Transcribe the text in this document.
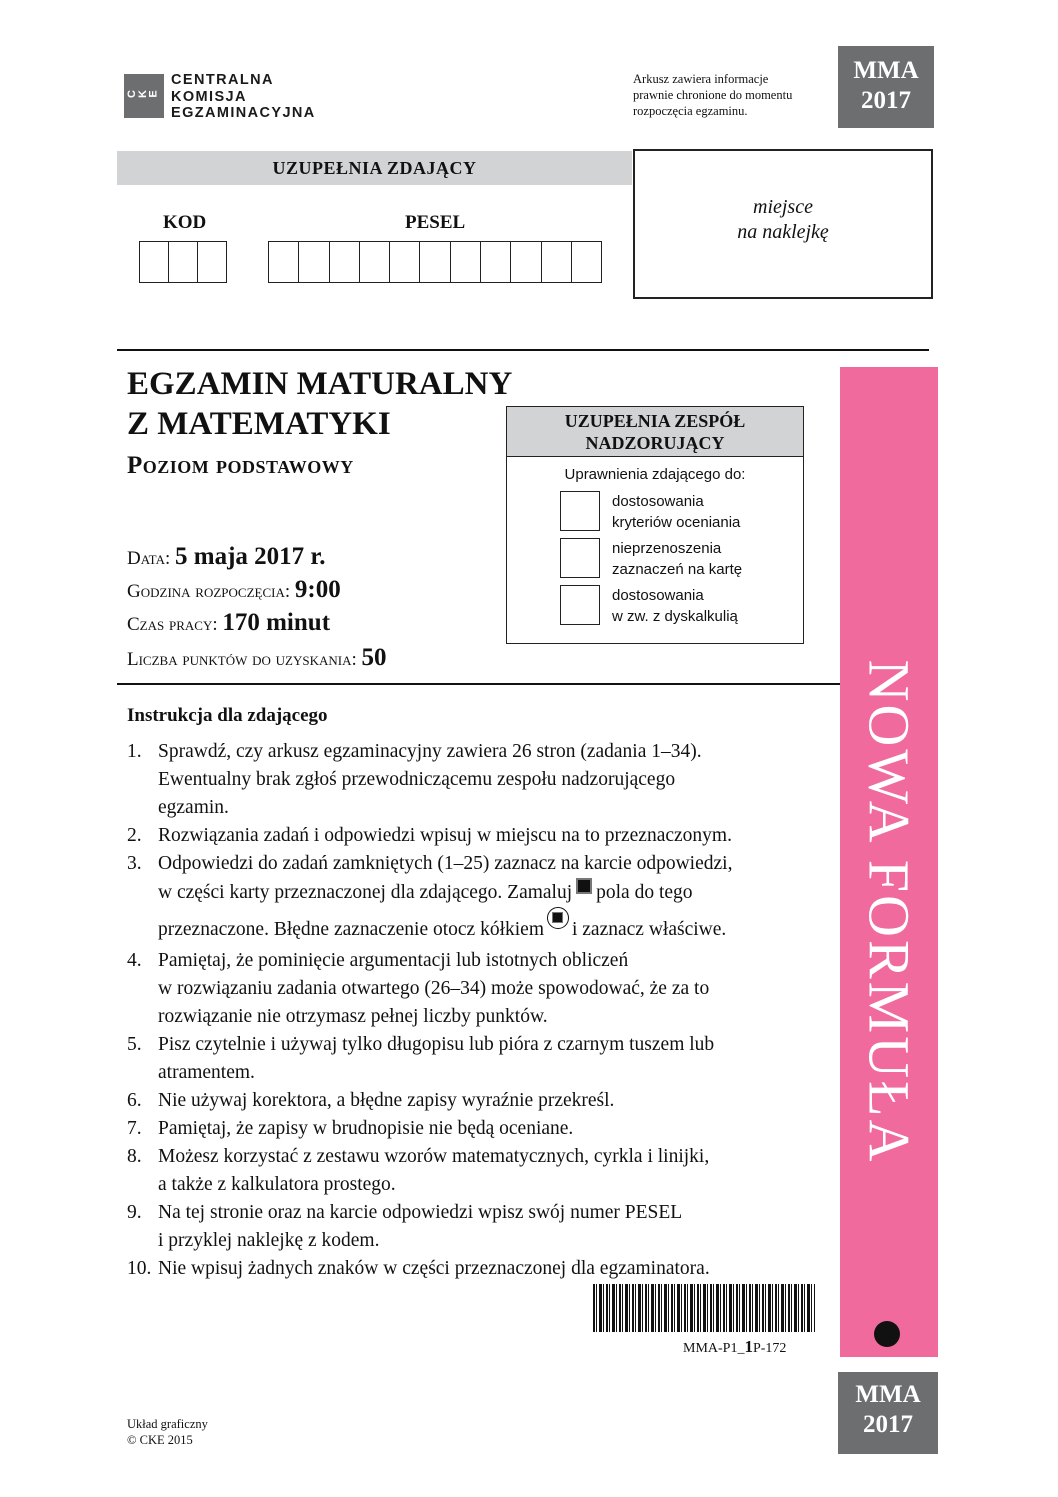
C K
E
CENTRALNA
KOMISJA
EGZAMINACYJNA
Arkusz zawiera informacje
prawnie chronione do momentu
rozpoczęcia egzaminu.
MMA
2017
UZUPEŁNIA ZDAJĄCY
KOD	PESEL
miejsce
na naklejkę
EGZAMIN MATURALNY
Z MATEMATYKI
Poziom podstawowy
Data: 5 maja 2017 r.
Godzina rozpoczęcia: 9:00
Czas pracy: 170 minut
Liczba punktów do uzyskania: 50
UZUPEŁNIA ZESPÓŁ
NADZORUJĄCY
Uprawnienia zdającego do:
dostosowania
kryteriów oceniania
nieprzenoszenia
zaznaczeń na kartę
dostosowania
w zw. z dyskalkulią
NOWA FORMUŁA
Instrukcja dla zdającego
1. Sprawdź, czy arkusz egzaminacyjny zawiera 26 stron (zadania 1–34).
Ewentualny brak zgłoś przewodniczącemu zespołu nadzorującego
egzamin.
2. Rozwiązania zadań i odpowiedzi wpisuj w miejscu na to przeznaczonym.
3. Odpowiedzi do zadań zamkniętych (1–25) zaznacz na karcie odpowiedzi,
w części karty przeznaczonej dla zdającego. Zamaluj pola do tego
przeznaczone. Błędne zaznaczenie otocz kółkiem i zaznacz właściwe.
4. Pamiętaj, że pominięcie argumentacji lub istotnych obliczeń
w rozwiązaniu zadania otwartego (26–34) może spowodować, że za to
rozwiązanie nie otrzymasz pełnej liczby punktów.
5. Pisz czytelnie i używaj tylko długopisu lub pióra z czarnym tuszem lub
atramentem.
6. Nie używaj korektora, a błędne zapisy wyraźnie przekreśl.
7. Pamiętaj, że zapisy w brudnopisie nie będą oceniane.
8. Możesz korzystać z zestawu wzorów matematycznych, cyrkla i linijki,
a także z kalkulatora prostego.
9. Na tej stronie oraz na karcie odpowiedzi wpisz swój numer PESEL
i przyklej naklejkę z kodem.
10. Nie wpisuj żadnych znaków w części przeznaczonej dla egzaminatora.
MMA-P1_1P-172
MMA
2017
Układ graficzny
© CKE 2015
